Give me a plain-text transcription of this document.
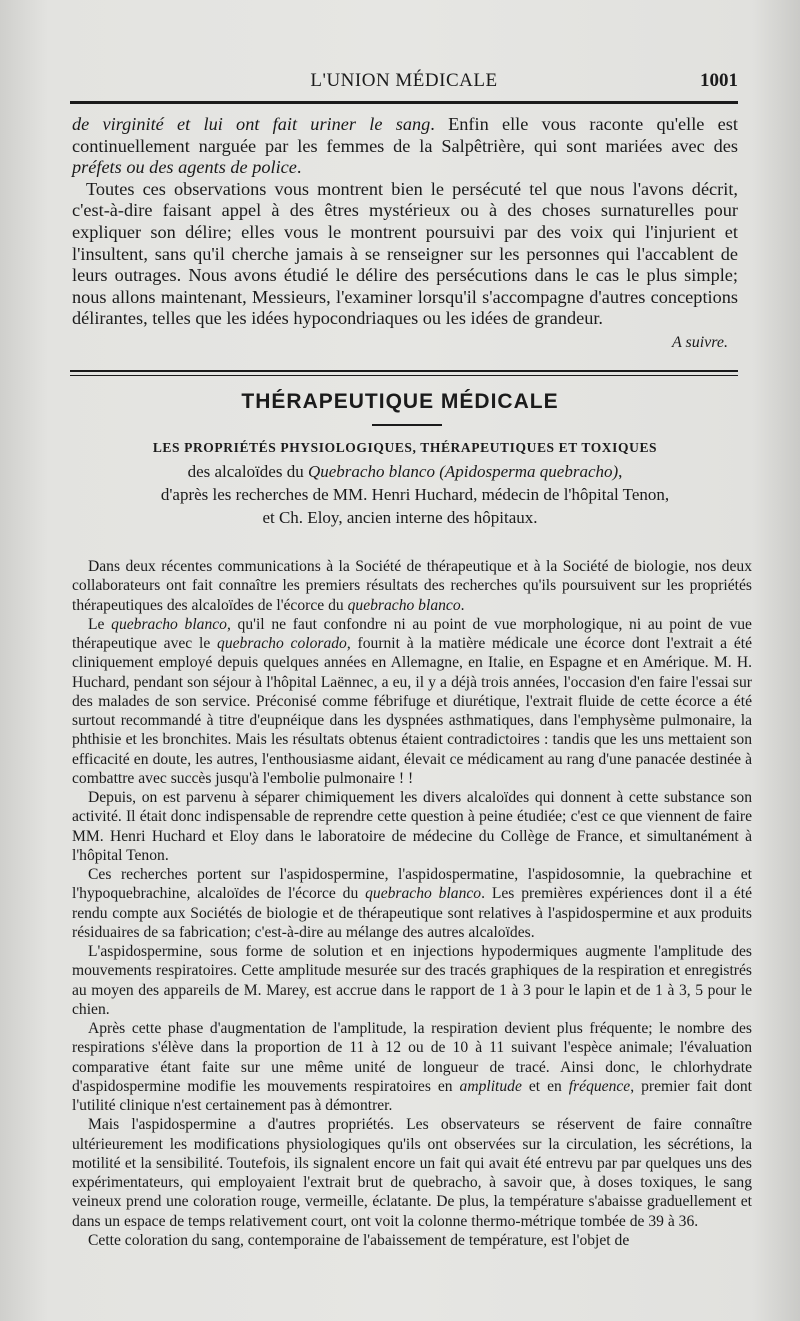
L'UNION MÉDICALE	1001

de virginité et lui ont fait uriner le sang. Enfin elle vous raconte qu'elle est continuellement narguée par les femmes de la Salpêtrière, qui sont mariées avec des préfets ou des agents de police.

Toutes ces observations vous montrent bien le persécuté tel que nous l'avons décrit, c'est-à-dire faisant appel à des êtres mystérieux ou à des choses surnaturelles pour expliquer son délire; elles vous le montrent poursuivi par des voix qui l'injurient et l'insultent, sans qu'il cherche jamais à se renseigner sur les personnes qui l'accablent de leurs outrages. Nous avons étudié le délire des persécutions dans le cas le plus simple; nous allons maintenant, Messieurs, l'examiner lorsqu'il s'accompagne d'autres conceptions délirantes, telles que les idées hypocondriaques ou les idées de grandeur.

A suivre.
THÉRAPEUTIQUE MÉDICALE
LES PROPRIÉTÉS PHYSIOLOGIQUES, THÉRAPEUTIQUES ET TOXIQUES
des alcaloïdes du Quebracho blanco (Apidosperma quebracho),
d'après les recherches de MM. Henri Huchard, médecin de l'hôpital Tenon,
et Ch. Eloy, ancien interne des hôpitaux.

Dans deux récentes communications à la Société de thérapeutique et à la Société de biologie, nos deux collaborateurs ont fait connaître les premiers résultats des recherches qu'ils poursuivent sur les propriétés thérapeutiques des alcaloïdes de l'écorce du quebracho blanco.

Le quebracho blanco, qu'il ne faut confondre ni au point de vue morphologique, ni au point de vue thérapeutique avec le quebracho colorado, fournit à la matière médicale une écorce dont l'extrait a été cliniquement employé depuis quelques années en Allemagne, en Italie, en Espagne et en Amérique. M. H. Huchard, pendant son séjour à l'hôpital Laënnec, a eu, il y a déjà trois années, l'occasion d'en faire l'essai sur des malades de son service. Préconisé comme fébrifuge et diurétique, l'extrait fluide de cette écorce a été surtout recommandé à titre d'eupnéique dans les dyspnées asthmatiques, dans l'emphysème pulmonaire, la phthisie et les bronchites. Mais les résultats obtenus étaient contradictoires : tandis que les uns mettaient son efficacité en doute, les autres, l'enthousiasme aidant, élevait ce médicament au rang d'une panacée destinée à combattre avec succès jusqu'à l'embolie pulmonaire ! !

Depuis, on est parvenu à séparer chimiquement les divers alcaloïdes qui donnent à cette substance son activité. Il était donc indispensable de reprendre cette question à peine étudiée; c'est ce que viennent de faire MM. Henri Huchard et Eloy dans le laboratoire de médecine du Collège de France, et simultanément à l'hôpital Tenon.

Ces recherches portent sur l'aspidospermine, l'aspidospermatine, l'aspidosomnie, la quebrachine et l'hypoquebrachine, alcaloïdes de l'écorce du quebracho blanco. Les premières expériences dont il a été rendu compte aux Sociétés de biologie et de thérapeutique sont relatives à l'aspidospermine et aux produits résiduaires de sa fabrication; c'est-à-dire au mélange des autres alcaloïdes.

L'aspidospermine, sous forme de solution et en injections hypodermiques augmente l'amplitude des mouvements respiratoires. Cette amplitude mesurée sur des tracés graphiques de la respiration et enregistrés au moyen des appareils de M. Marey, est accrue dans le rapport de 1 à 3 pour le lapin et de 1 à 3, 5 pour le chien.

Après cette phase d'augmentation de l'amplitude, la respiration devient plus fréquente; le nombre des respirations s'élève dans la proportion de 11 à 12 ou de 10 à 11 suivant l'espèce animale; l'évaluation comparative étant faite sur une même unité de longueur de tracé. Ainsi donc, le chlorhydrate d'aspidospermine modifie les mouvements respiratoires en amplitude et en fréquence, premier fait dont l'utilité clinique n'est certainement pas à démontrer.

Mais l'aspidospermine a d'autres propriétés. Les observateurs se réservent de faire connaître ultérieurement les modifications physiologiques qu'ils ont observées sur la circulation, les sécrétions, la motilité et la sensibilité. Toutefois, ils signalent encore un fait qui avait été entrevu par par quelques uns des expérimentateurs, qui employaient l'extrait brut de quebracho, à savoir que, à doses toxiques, le sang veineux prend une coloration rouge, vermeille, éclatante. De plus, la température s'abaisse graduellement et dans un espace de temps relativement court, ont voit la colonne thermo-métrique tombée de 39 à 36.

Cette coloration du sang, contemporaine de l'abaissement de température, est l'objet de
